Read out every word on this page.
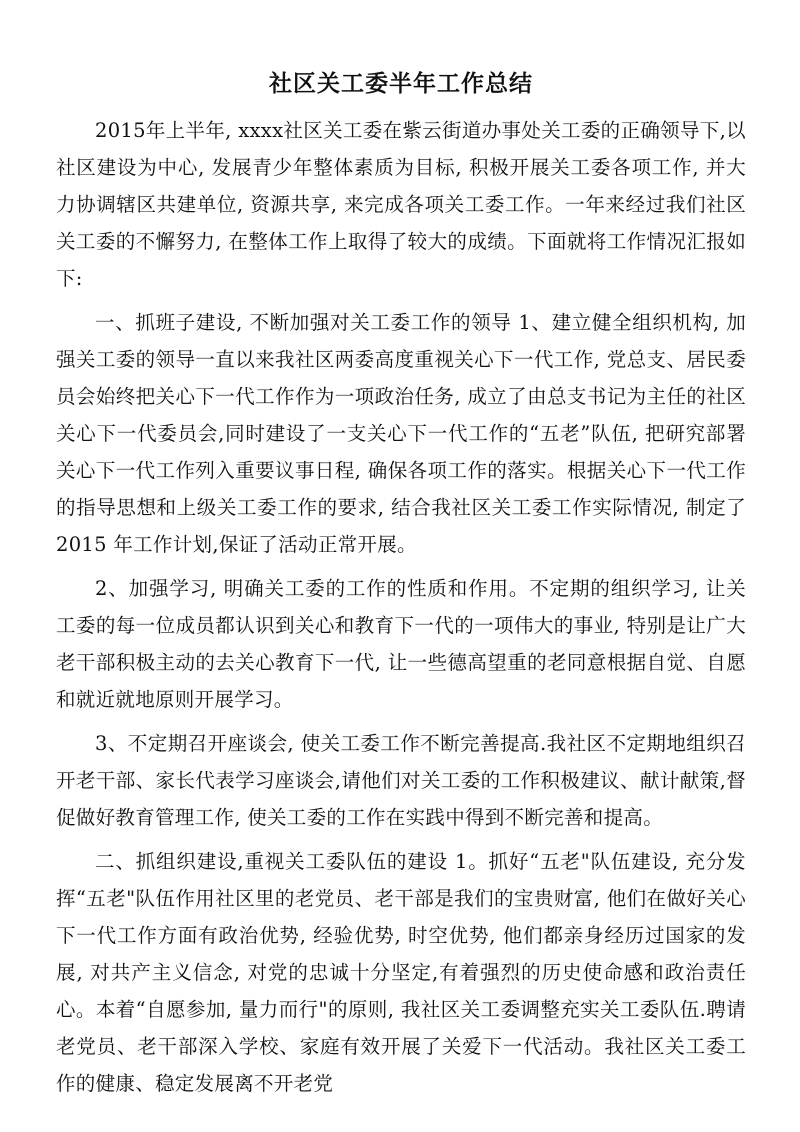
社区关工委半年工作总结

2015年上半年, xxxx社区关工委在紫云街道办事处关工委的正确领导下,以社区建设为中心, 发展青少年整体素质为目标, 积极开展关工委各项工作, 并大力协调辖区共建单位, 资源共享, 来完成各项关工委工作。一年来经过我们社区关工委的不懈努力, 在整体工作上取得了较大的成绩。下面就将工作情况汇报如下:

一、抓班子建设, 不断加强对关工委工作的领导 1、建立健全组织机构, 加强关工委的领导一直以来我社区两委高度重视关心下一代工作, 党总支、居民委员会始终把关心下一代工作作为一项政治任务, 成立了由总支书记为主任的社区关心下一代委员会,同时建设了一支关心下一代工作的“五老”队伍, 把研究部署关心下一代工作列入重要议事日程, 确保各项工作的落实。根据关心下一代工作的指导思想和上级关工委工作的要求, 结合我社区关工委工作实际情况, 制定了 2015 年工作计划,保证了活动正常开展。

2、加强学习, 明确关工委的工作的性质和作用。不定期的组织学习, 让关工委的每一位成员都认识到关心和教育下一代的一项伟大的事业, 特别是让广大老干部积极主动的去关心教育下一代, 让一些德高望重的老同意根据自觉、自愿和就近就地原则开展学习。

3、不定期召开座谈会, 使关工委工作不断完善提高.我社区不定期地组织召开老干部、家长代表学习座谈会,请他们对关工委的工作积极建议、献计献策,督促做好教育管理工作, 使关工委的工作在实践中得到不断完善和提高。

二、抓组织建设,重视关工委队伍的建设 1。抓好“五老"队伍建设, 充分发挥“五老"队伍作用社区里的老党员、老干部是我们的宝贵财富, 他们在做好关心下一代工作方面有政治优势, 经验优势, 时空优势, 他们都亲身经历过国家的发展, 对共产主义信念, 对党的忠诚十分坚定,有着强烈的历史使命感和政治责任心。本着“自愿参加, 量力而行"的原则, 我社区关工委调整充实关工委队伍.聘请老党员、老干部深入学校、家庭有效开展了关爱下一代活动。我社区关工委工作的健康、稳定发展离不开老党
